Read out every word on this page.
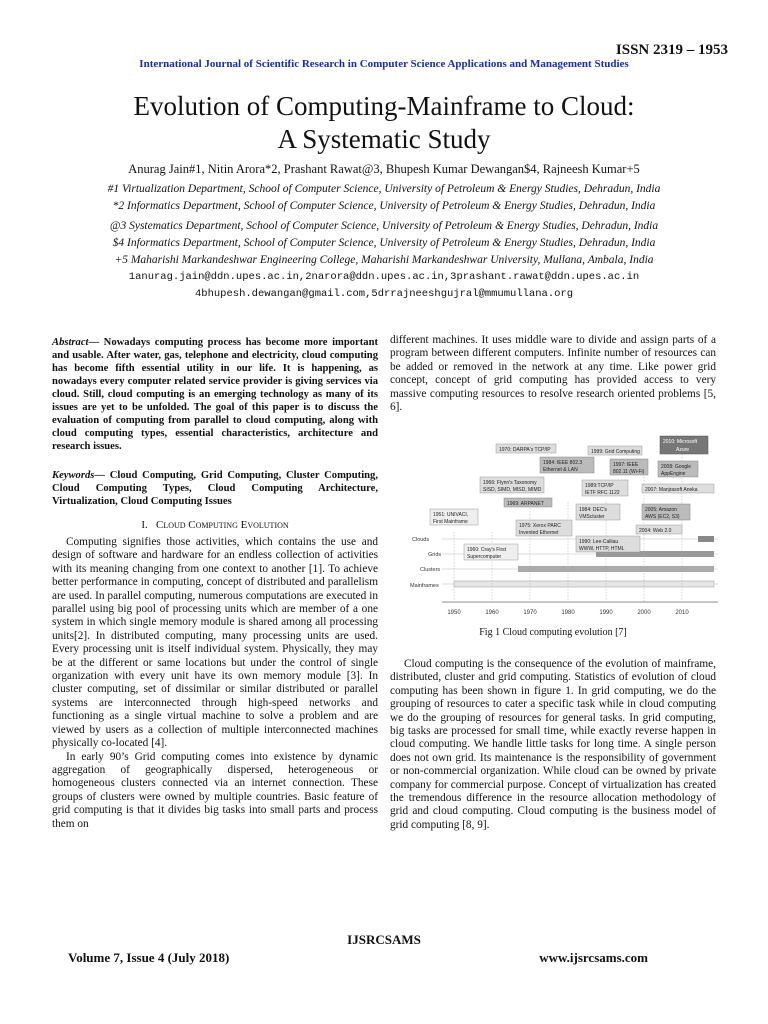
ISSN 2319 – 1953
International Journal of Scientific Research in Computer Science Applications and Management Studies
Evolution of Computing-Mainframe to Cloud:
A Systematic Study
Anurag Jain#1, Nitin Arora*2, Prashant Rawat@3, Bhupesh Kumar Dewangan$4, Rajneesh Kumar+5
#1 Virtualization Department, School of Computer Science, University of Petroleum & Energy Studies, Dehradun, India
*2 Informatics Department, School of Computer Science, University of Petroleum & Energy Studies, Dehradun, India
@3 Systematics Department, School of Computer Science, University of Petroleum & Energy Studies, Dehradun, India
$4 Informatics Department, School of Computer Science, University of Petroleum & Energy Studies, Dehradun, India
+5 Maharishi Markandeshwar Engineering College, Maharishi Markandeshwar University, Mullana, Ambala, India
1anurag.jain@ddn.upes.ac.in,2narora@ddn.upes.ac.in,3prashant.rawat@ddn.upes.ac.in
4bhupesh.dewangan@gmail.com,5drrajneeshgujral@mmumullana.org
Abstract— Nowadays computing process has become more important and usable. After water, gas, telephone and electricity, cloud computing has become fifth essential utility in our life. It is happening, as nowadays every computer related service provider is giving services via cloud. Still, cloud computing is an emerging technology as many of its issues are yet to be unfolded. The goal of this paper is to discuss the evaluation of computing from parallel to cloud computing, along with cloud computing types, essential characteristics, architecture and research issues.
Keywords— Cloud Computing, Grid Computing, Cluster Computing, Cloud Computing Types, Cloud Computing Architecture, Virtualization, Cloud Computing Issues
I. Cloud Computing Evolution

Computing signifies those activities, which contains the use and design of software and hardware for an endless collection of activities with its meaning changing from one context to another [1]. To achieve better performance in computing, concept of distributed and parallelism are used. In parallel computing, numerous computations are executed in parallel using big pool of processing units which are member of a one system in which single memory module is shared among all processing units[2]. In distributed computing, many processing units are used. Every processing unit is itself individual system. Physically, they may be at the different or same locations but under the control of single organization with every unit have its own memory module [3]. In cluster computing, set of dissimilar or similar distributed or parallel systems are interconnected through high-speed networks and functioning as a single virtual machine to solve a problem and are viewed by users as a collection of multiple interconnected machines physically co-located [4].

In early 90’s Grid computing comes into existence by dynamic aggregation of geographically dispersed, heterogeneous or homogeneous clusters connected via an internet connection. These groups of clusters were owned by multiple countries. Basic feature of grid computing is that it divides big tasks into small parts and process them on

different machines. It uses middle ware to divide and assign parts of a program between different computers. Infinite number of resources can be added or removed in the network at any time. Like power grid concept, concept of grid computing has provided access to very massive computing resources to resolve research oriented problems [5, 6].

Clouds
Grids
Clusters
Mainframes
1950	1960	1970	1980	1990	2000	2010
1970: DARPA's TCP/IP	1999: Grid Computing
2010: Microsoft
Azure
1984: IEEE 802.3
Ethernet & LAN
1997: IEEE
802.11 (Wi-Fi)
2008: Google
AppEngine
1966: Flynn's Taxonomy
SISD, SIMD, MISD, MIMD
1989:TCP/IP
IETF RFC 1122	2007: Manjrasoft Aneka
1969: ARPANET
1951: UNIVACI,
First Mainframe
1984: DEC's
VMScluster
2005: Amazon
AWS (EC2, S3)
1975: Xerox PARC
Invented Ethernet	2004: Web 2.0
1990: Lee-Calliau
WWW, HTTP, HTML
1960: Cray's First
Supercomputer
Fig 1 Cloud computing evolution [7]

Cloud computing is the consequence of the evolution of mainframe, distributed, cluster and grid computing. Statistics of evolution of cloud computing has been shown in figure 1. In grid computing, we do the grouping of resources to cater a specific task while in cloud computing we do the grouping of resources for general tasks. In grid computing, big tasks are processed for small time, while exactly reverse happen in cloud computing. We handle little tasks for long time. A single person does not own grid. Its maintenance is the responsibility of government or non-commercial organization. While cloud can be owned by private company for commercial purpose. Concept of virtualization has created the tremendous difference in the resource allocation methodology of grid and cloud computing. Cloud computing is the business model of grid computing [8, 9].

IJSRCSAMS
Volume 7, Issue 4 (July 2018)	www.ijsrcsams.com
